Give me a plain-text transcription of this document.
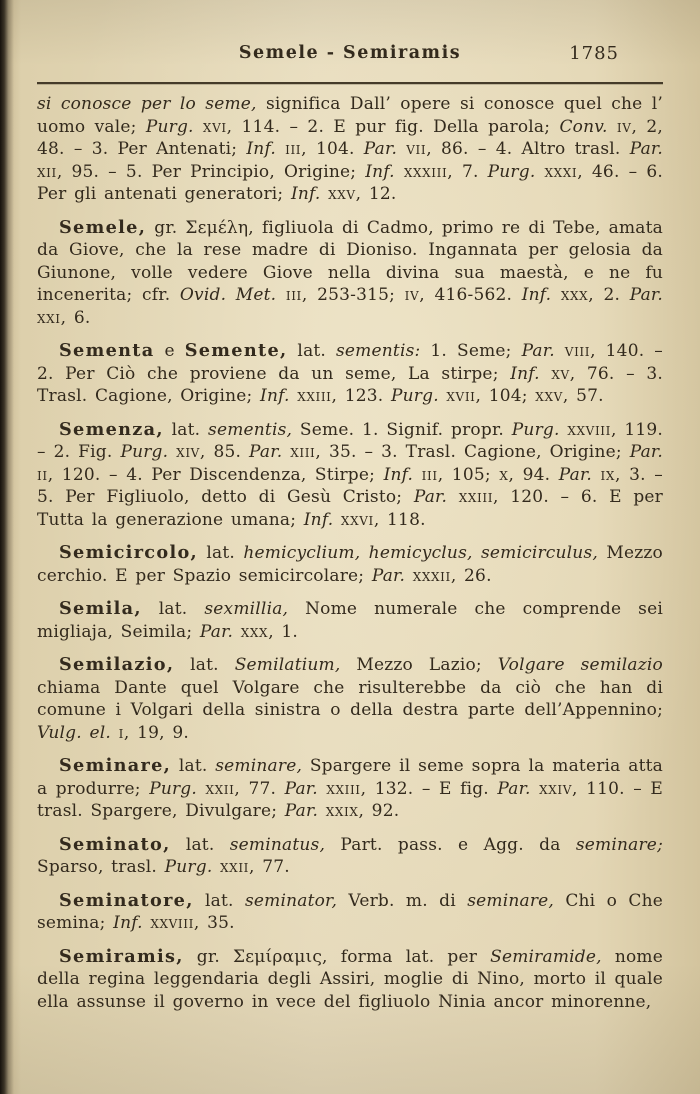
Semele - Semiramis	1785

si conosce per lo seme, significa Dall’ opere si conosce quel che l’ uomo vale; Purg. xvi, 114. – 2. E pur fig. Della parola; Conv. iv, 2, 48. – 3. Per Antenati; Inf. iii, 104. Par. vii, 86. – 4. Altro trasl. Par. xii, 95. – 5. Per Principio, Origine; Inf. xxxiii, 7. Purg. xxxi, 46. – 6. Per gli antenati generatori; Inf. xxv, 12.

Semele, gr. Σεμέλη, figliuola di Cadmo, primo re di Tebe, amata da Giove, che la rese madre di Dioniso. Ingannata per gelosia da Giunone, volle vedere Giove nella divina sua maestà, e ne fu incenerita; cfr. Ovid. Met. iii, 253-315; iv, 416-562. Inf. xxx, 2. Par. xxi, 6.

Sementa e Semente, lat. sementis: 1. Seme; Par. viii, 140. – 2. Per Ciò che proviene da un seme, La stirpe; Inf. xv, 76. – 3. Trasl. Cagione, Origine; Inf. xxiii, 123. Purg. xvii, 104; xxv, 57.

Semenza, lat. sementis, Seme. 1. Signif. propr. Purg. xxviii, 119. – 2. Fig. Purg. xiv, 85. Par. xiii, 35. – 3. Trasl. Cagione, Origine; Par. ii, 120. – 4. Per Discendenza, Stirpe; Inf. iii, 105; x, 94. Par. ix, 3. – 5. Per Figliuolo, detto di Gesù Cristo; Par. xxiii, 120. – 6. E per Tutta la generazione umana; Inf. xxvi, 118.

Semicircolo, lat. hemicyclium, hemicyclus, semicirculus, Mezzo cerchio. E per Spazio semicircolare; Par. xxxii, 26.

Semila, lat. sexmillia, Nome numerale che comprende sei migliaja, Seimila; Par. xxx, 1.

Semilazio, lat. Semilatium, Mezzo Lazio; Volgare semilazio chiama Dante quel Volgare che risulterebbe da ciò che han di comune i Volgari della sinistra o della destra parte dell’Appennino; Vulg. el. i, 19, 9.

Seminare, lat. seminare, Spargere il seme sopra la materia atta a produrre; Purg. xxii, 77. Par. xxiii, 132. – E fig. Par. xxiv, 110. – E trasl. Spargere, Divulgare; Par. xxix, 92.

Seminato, lat. seminatus, Part. pass. e Agg. da seminare; Sparso, trasl. Purg. xxii, 77.

Seminatore, lat. seminator, Verb. m. di seminare, Chi o Che semina; Inf. xxviii, 35.

Semiramis, gr. Σεμίραμις, forma lat. per Semiramide, nome della regina leggendaria degli Assiri, moglie di Nino, morto il quale ella assunse il governo in vece del figliuolo Ninia ancor minorenne,
